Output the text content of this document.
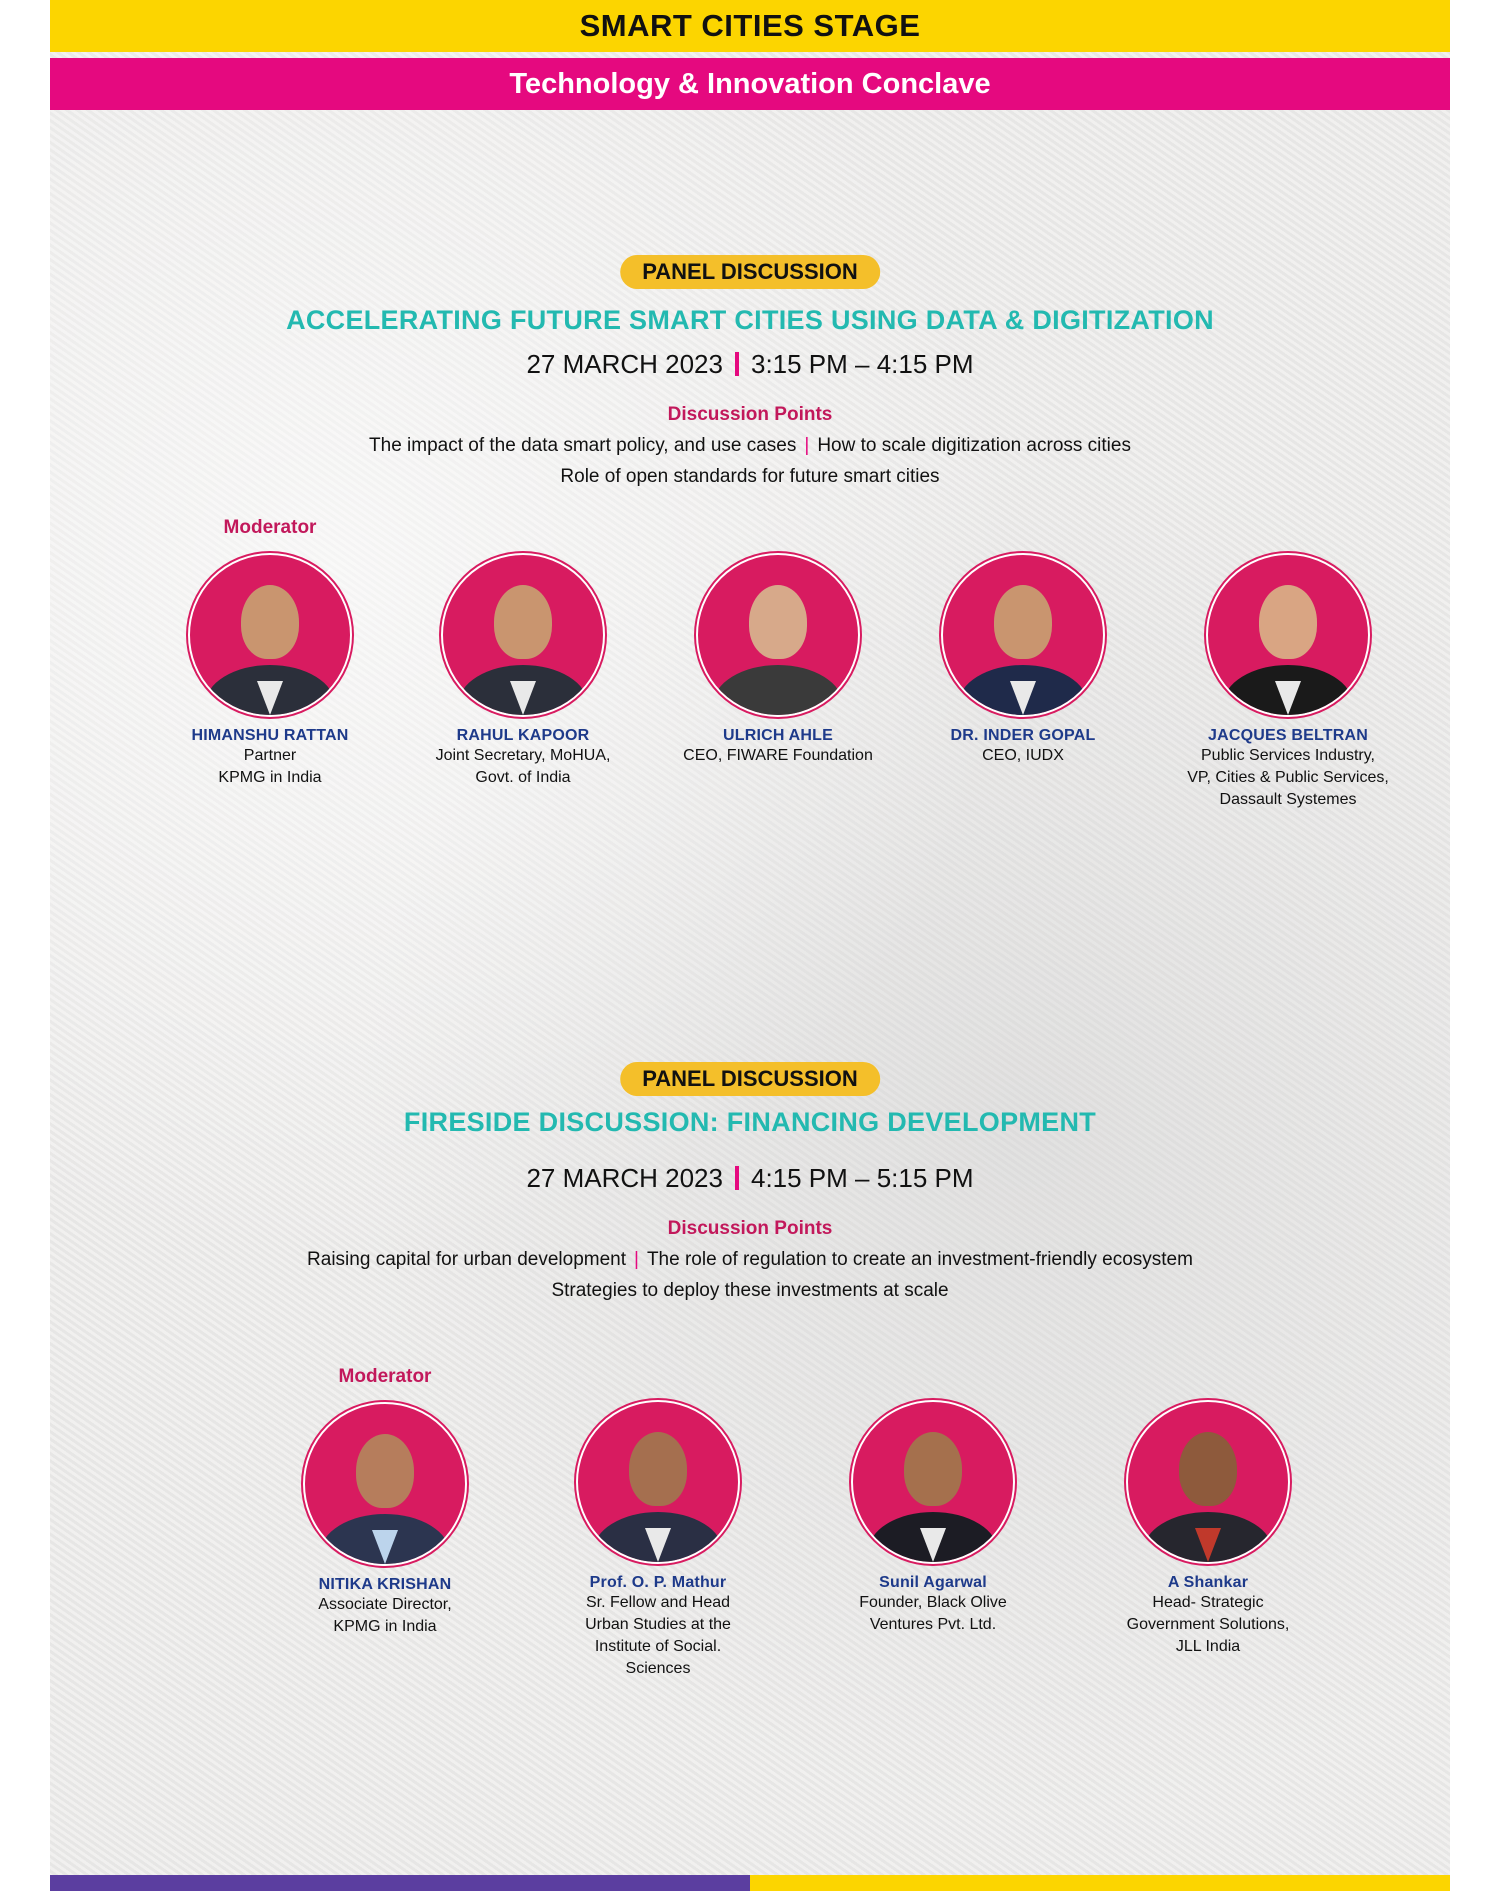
SMART CITIES STAGE
Technology & Innovation Conclave
PANEL DISCUSSION
ACCELERATING FUTURE SMART CITIES USING DATA & DIGITIZATION
27 MARCH 2023 3:15 PM – 4:15 PM
Discussion Points
The impact of the data smart policy, and use cases | How to scale digitization across cities
Role of open standards for future smart cities
Moderator
HIMANSHU RATTAN
Partner
KPMG in India
RAHUL KAPOOR
Joint Secretary, MoHUA,
Govt. of India
ULRICH AHLE
CEO, FIWARE Foundation
DR. INDER GOPAL
CEO, IUDX
JACQUES BELTRAN
Public Services Industry,
VP, Cities & Public Services,
Dassault Systemes
PANEL DISCUSSION
FIRESIDE DISCUSSION: FINANCING DEVELOPMENT
27 MARCH 2023 4:15 PM – 5:15 PM
Discussion Points
Raising capital for urban development | The role of regulation to create an investment-friendly ecosystem
Strategies to deploy these investments at scale
Moderator
NITIKA KRISHAN
Associate Director,
KPMG in India
Prof. O. P. Mathur
Sr. Fellow and Head
Urban Studies at the
Institute of Social.
Sciences
Sunil Agarwal
Founder, Black Olive
Ventures Pvt. Ltd.
A Shankar
Head- Strategic
Government Solutions,
JLL India
